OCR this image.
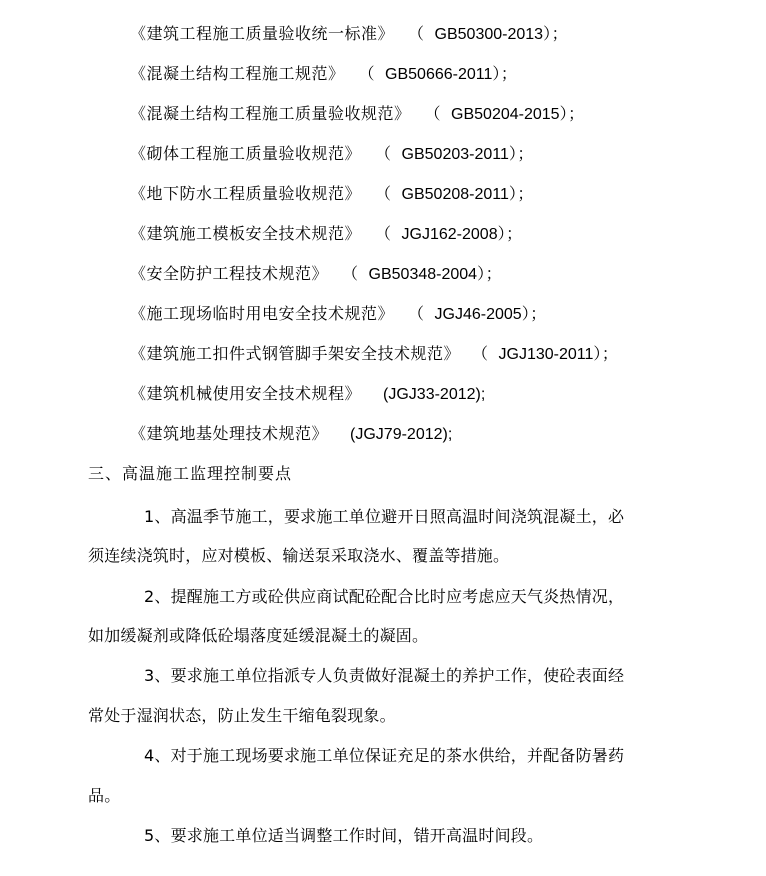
《建筑工程施工质量验收统一标准》 （ GB50300-2013）；
《混凝土结构工程施工规范》 （ GB50666-2011）；
《混凝土结构工程施工质量验收规范》 （ GB50204-2015）；
《砌体工程施工质量验收规范》 （ GB50203-2011）；
《地下防水工程质量验收规范》 （ GB50208-2011）；
《建筑施工模板安全技术规范》 （ JGJ162-2008）；
《安全防护工程技术规范》 （ GB50348-2004）；
《施工现场临时用电安全技术规范》 （ JGJ46-2005）；
《建筑施工扣件式钢管脚手架安全技术规范》 （ JGJ130-2011）；
《建筑机械使用安全技术规程》 (JGJ33-2012);
《建筑地基处理技术规范》 (JGJ79-2012);
三、高温施工监理控制要点
1、高温季节施工，要求施工单位避开日照高温时间浇筑混凝土，必
须连续浇筑时，应对模板、输送泵采取浇水、覆盖等措施。
2、提醒施工方或砼供应商试配砼配合比时应考虑应天气炎热情况，
如加缓凝剂或降低砼塌落度延缓混凝土的凝固。
3、要求施工单位指派专人负责做好混凝土的养护工作，使砼表面经
常处于湿润状态，防止发生干缩龟裂现象。
4、对于施工现场要求施工单位保证充足的茶水供给，并配备防暑药
品。
5、要求施工单位适当调整工作时间，错开高温时间段。
